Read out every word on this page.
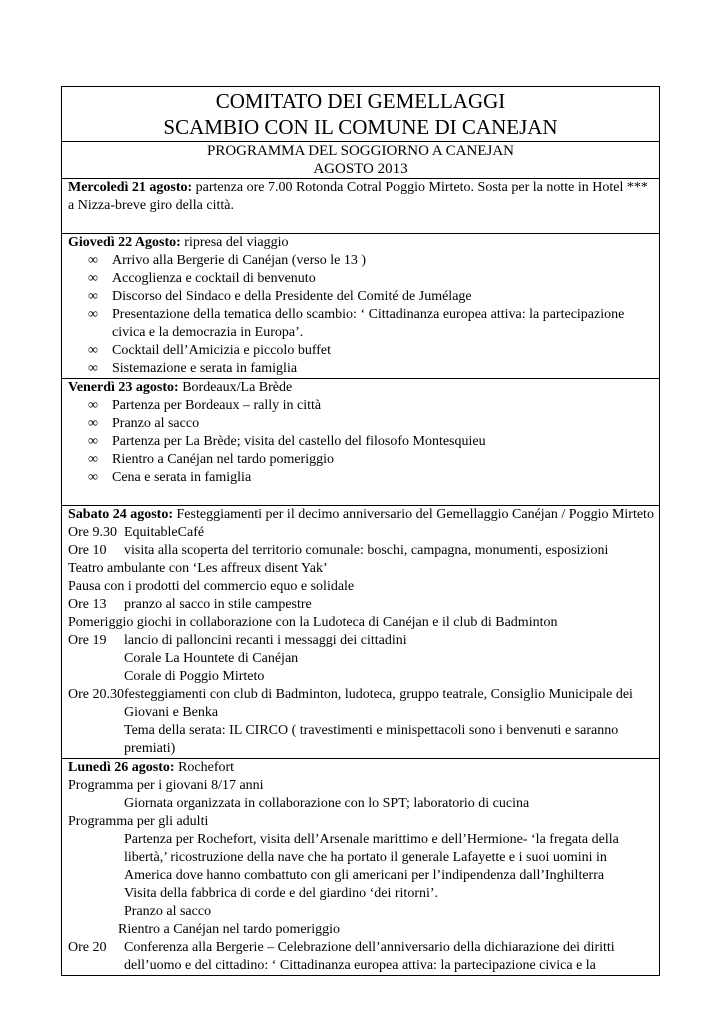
COMITATO DEI GEMELLAGGI
SCAMBIO CON IL COMUNE DI CANEJAN
PROGRAMMA DEL SOGGIORNO A CANEJAN
AGOSTO 2013
Mercoledì 21 agosto: partenza ore 7.00 Rotonda Cotral Poggio Mirteto. Sosta per la notte in Hotel *** a Nizza-breve giro della città.
Giovedì 22 Agosto: ripresa del viaggio
∞ Arrivo alla Bergerie di Canéjan (verso le 13 )
∞ Accoglienza e cocktail di benvenuto
∞ Discorso del Sindaco e della Presidente del Comité de Jumélage
∞ Presentazione della tematica dello scambio: ‘ Cittadinanza europea attiva: la partecipazione civica e la democrazia in Europa’.
∞ Cocktail dell’Amicizia e piccolo buffet
∞ Sistemazione e serata in famiglia
Venerdì 23 agosto: Bordeaux/La Brède
∞ Partenza per Bordeaux – rally in città
∞ Pranzo al sacco
∞ Partenza per La Brède; visita del castello del filosofo Montesquieu
∞ Rientro a Canéjan nel tardo pomeriggio
∞ Cena e serata in famiglia
Sabato 24 agosto: Festeggiamenti per il decimo anniversario del Gemellaggio Canéjan / Poggio Mirteto
Ore 9.30 EquitableCafé
Ore 10	visita alla scoperta del territorio comunale: boschi, campagna, monumenti, esposizioni
Teatro ambulante con ‘Les affreux disent Yak’
Pausa con i prodotti del commercio equo e solidale
Ore 13	pranzo al sacco in stile campestre
Pomeriggio giochi in collaborazione con la Ludoteca di Canéjan e il club di Badminton
Ore 19	lancio di palloncini recanti i messaggi dei cittadini
Corale La Hountete di Canéjan
Corale di Poggio Mirteto
Ore 20.30 festeggiamenti con club di Badminton, ludoteca, gruppo teatrale, Consiglio Municipale dei Giovani e Benka
Tema della serata: IL CIRCO ( travestimenti e minispettacoli sono i benvenuti e saranno premiati)
Lunedì 26 agosto: Rochefort
Programma per i giovani 8/17 anni
Giornata organizzata in collaborazione con lo SPT; laboratorio di cucina
Programma per gli adulti
Partenza per Rochefort, visita dell’Arsenale marittimo e dell’Hermione- ‘la fregata della libertà,’ ricostruzione della nave che ha portato il generale Lafayette e i suoi uomini in America dove hanno combattuto con gli americani per l’indipendenza dall’Inghilterra
Visita della fabbrica di corde e del giardino ‘dei ritorni’.
Pranzo al sacco
Rientro a Canéjan nel tardo pomeriggio
Ore 20	Conferenza alla Bergerie – Celebrazione dell’anniversario della dichiarazione dei diritti dell’uomo e del cittadino: ‘ Cittadinanza europea attiva: la partecipazione civica e la
